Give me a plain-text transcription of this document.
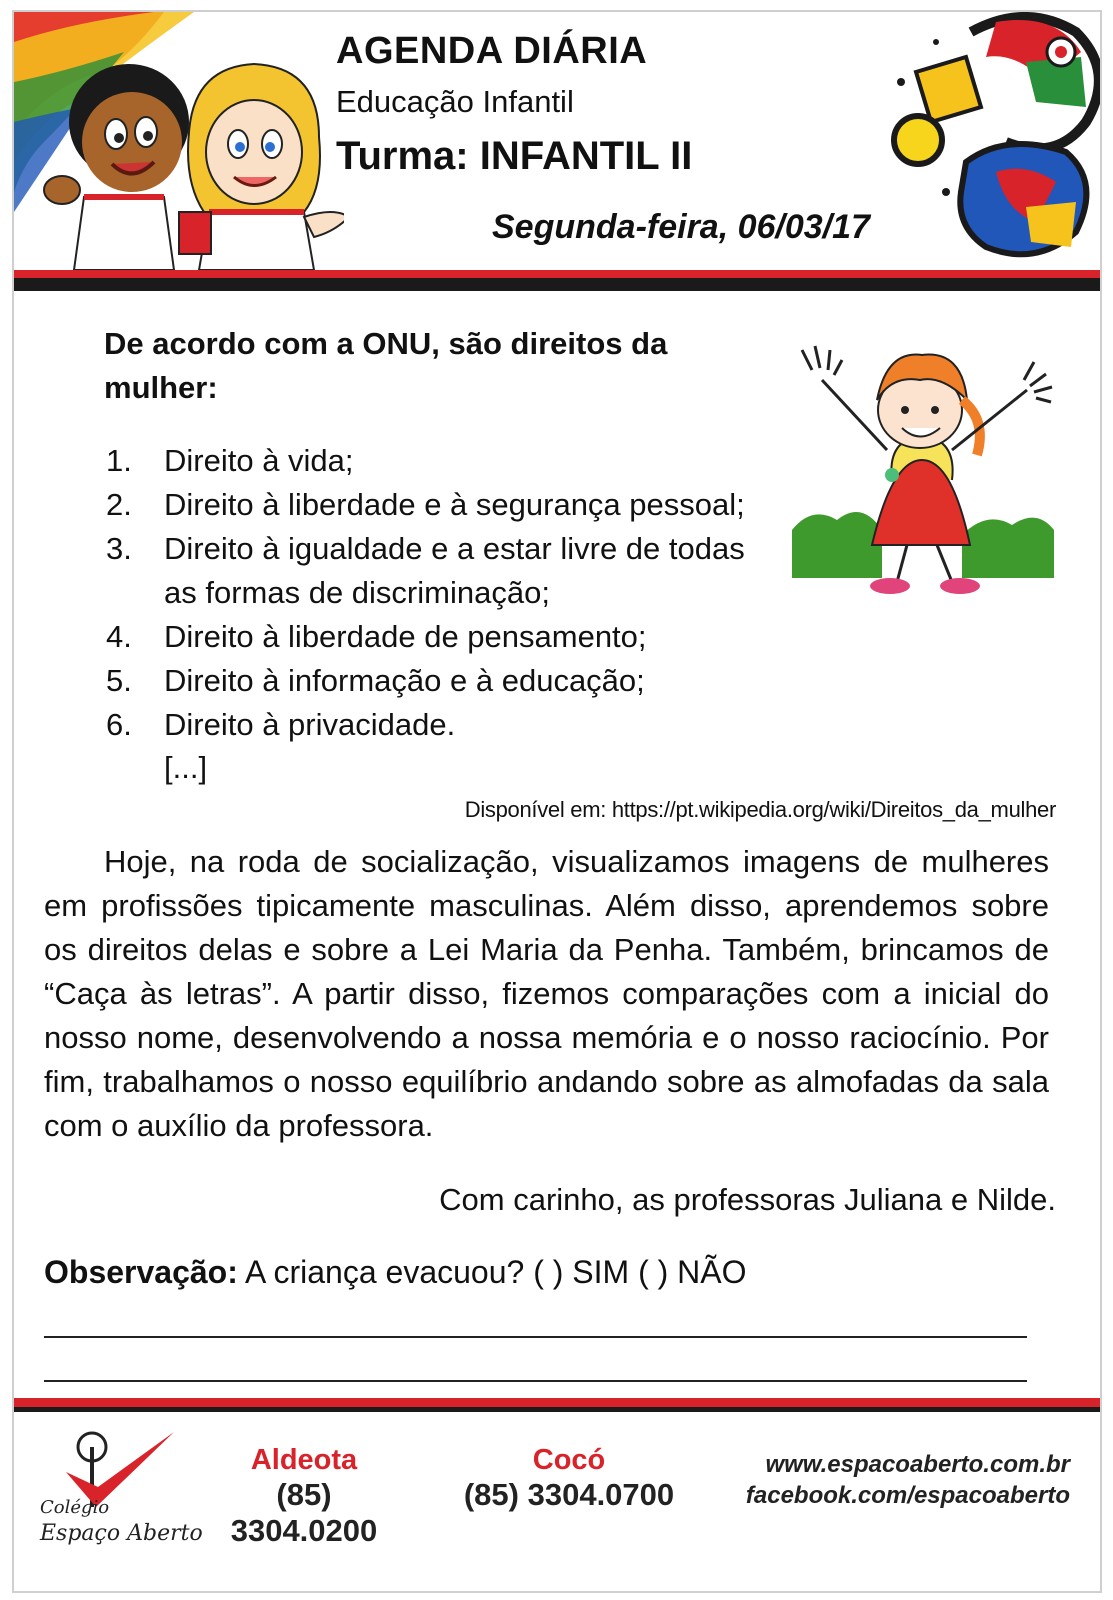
AGENDA DIÁRIA
Educação Infantil
Turma: INFANTIL II
Segunda-feira, 06/03/17
De acordo com a ONU, são direitos da mulher:
1. Direito à vida;
2. Direito à liberdade e à segurança pessoal;
3. Direito à igualdade e a estar livre de todas as formas de discriminação;
4. Direito à liberdade de pensamento;
5. Direito à informação e à educação;
6. Direito à privacidade.
[...]
Disponível em: https://pt.wikipedia.org/wiki/Direitos_da_mulher

Hoje, na roda de socialização, visualizamos imagens de mulheres em profissões tipicamente masculinas. Além disso, aprendemos sobre os direitos delas e sobre a Lei Maria da Penha. Também, brincamos de “Caça às letras”. A partir disso, fizemos comparações com a inicial do nosso nome, desenvolvendo a nossa memória e o nosso raciocínio. Por fim, trabalhamos o nosso equilíbrio andando sobre as almofadas da sala com o auxílio da professora.

Com carinho, as professoras Juliana e Nilde.
Observação: A criança evacuou? ( ) SIM ( ) NÃO
Colégio
Espaço Aberto
Aldeota
(85) 3304.0200
Cocó
(85) 3304.0700
www.espacoaberto.com.br
facebook.com/espacoaberto
